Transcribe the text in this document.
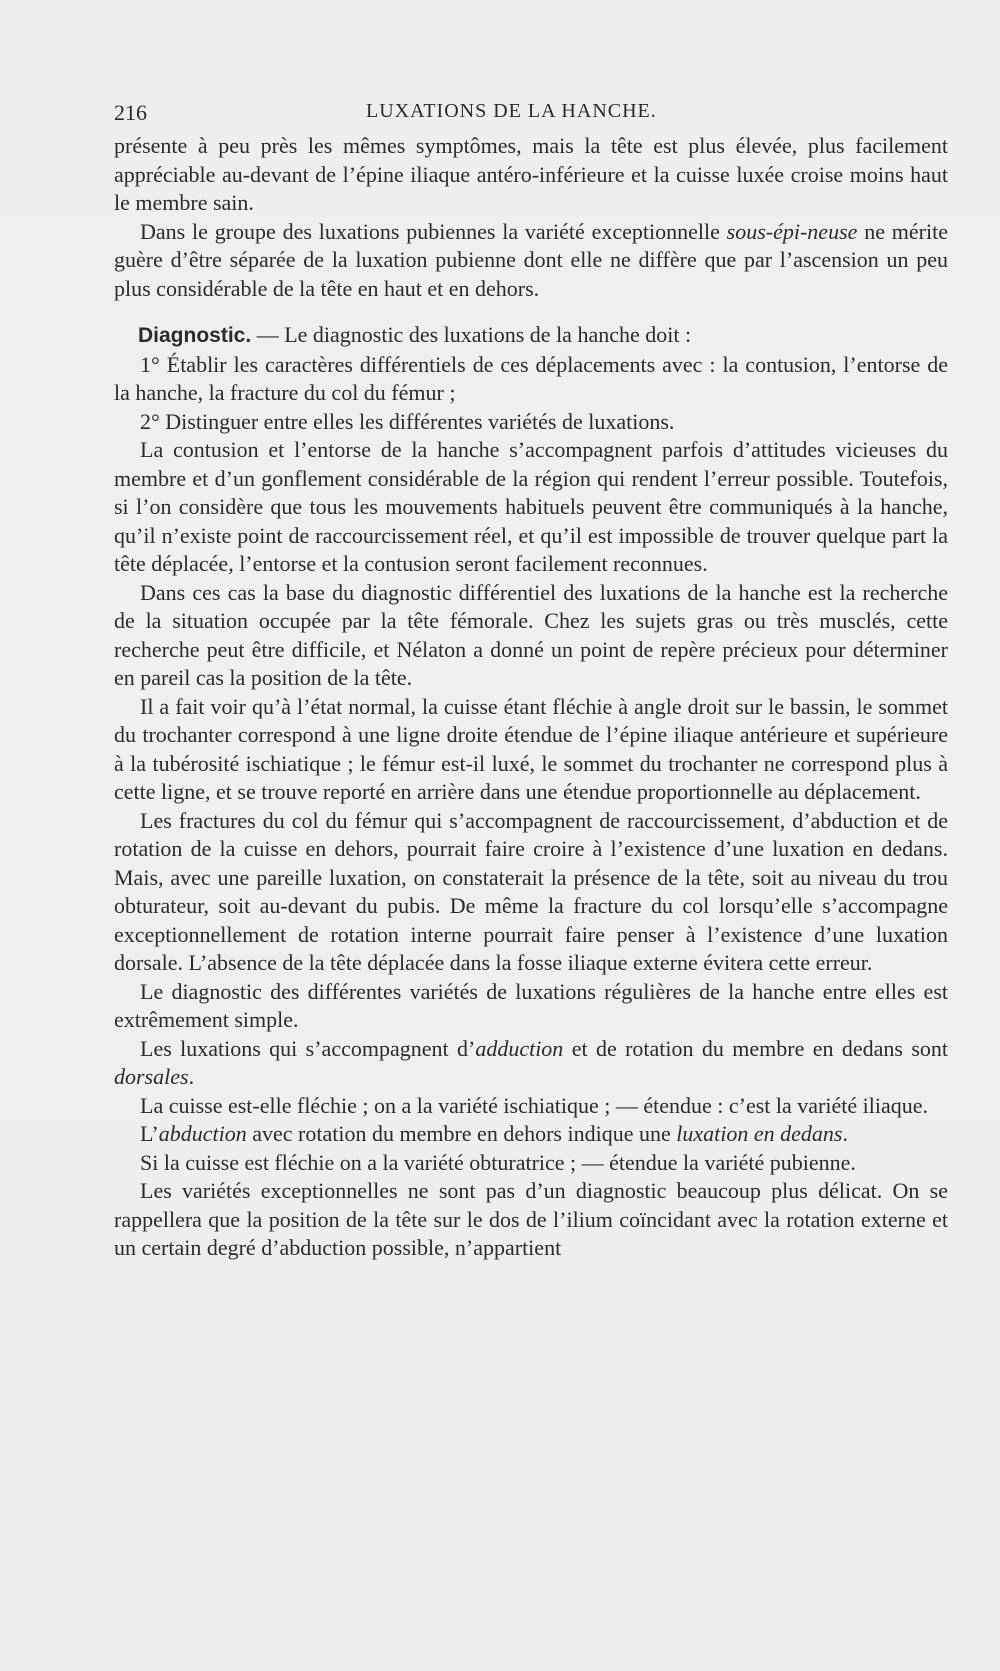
216	LUXATIONS DE LA HANCHE.

présente à peu près les mêmes symptômes, mais la tête est plus élevée, plus facilement appréciable au-devant de l’épine iliaque antéro-inférieure et la cuisse luxée croise moins haut le membre sain.

Dans le groupe des luxations pubiennes la variété exceptionnelle sous-épi-neuse ne mérite guère d’être séparée de la luxation pubienne dont elle ne diffère que par l’ascension un peu plus considérable de la tête en haut et en dehors.

Diagnostic. — Le diagnostic des luxations de la hanche doit :

1° Établir les caractères différentiels de ces déplacements avec : la contusion, l’entorse de la hanche, la fracture du col du fémur ;

2° Distinguer entre elles les différentes variétés de luxations.

La contusion et l’entorse de la hanche s’accompagnent parfois d’attitudes vicieuses du membre et d’un gonflement considérable de la région qui rendent l’erreur possible. Toutefois, si l’on considère que tous les mouvements habituels peuvent être communiqués à la hanche, qu’il n’existe point de raccourcissement réel, et qu’il est impossible de trouver quelque part la tête déplacée, l’entorse et la contusion seront facilement reconnues.

Dans ces cas la base du diagnostic différentiel des luxations de la hanche est la recherche de la situation occupée par la tête fémorale. Chez les sujets gras ou très musclés, cette recherche peut être difficile, et Nélaton a donné un point de repère précieux pour déterminer en pareil cas la position de la tête.

Il a fait voir qu’à l’état normal, la cuisse étant fléchie à angle droit sur le bassin, le sommet du trochanter correspond à une ligne droite étendue de l’épine iliaque antérieure et supérieure à la tubérosité ischiatique ; le fémur est-il luxé, le sommet du trochanter ne correspond plus à cette ligne, et se trouve reporté en arrière dans une étendue proportionnelle au déplacement.

Les fractures du col du fémur qui s’accompagnent de raccourcissement, d’abduction et de rotation de la cuisse en dehors, pourrait faire croire à l’existence d’une luxation en dedans. Mais, avec une pareille luxation, on constaterait la présence de la tête, soit au niveau du trou obturateur, soit au-devant du pubis. De même la fracture du col lorsqu’elle s’accompagne exceptionnellement de rotation interne pourrait faire penser à l’existence d’une luxation dorsale. L’absence de la tête déplacée dans la fosse iliaque externe évitera cette erreur.

Le diagnostic des différentes variétés de luxations régulières de la hanche entre elles est extrêmement simple.

Les luxations qui s’accompagnent d’adduction et de rotation du membre en dedans sont dorsales.

La cuisse est-elle fléchie ; on a la variété ischiatique ; — étendue : c’est la variété iliaque.

L’abduction avec rotation du membre en dehors indique une luxation en dedans.

Si la cuisse est fléchie on a la variété obturatrice ; — étendue la variété pubienne.

Les variétés exceptionnelles ne sont pas d’un diagnostic beaucoup plus délicat. On se rappellera que la position de la tête sur le dos de l’ilium coïncidant avec la rotation externe et un certain degré d’abduction possible, n’appartient
